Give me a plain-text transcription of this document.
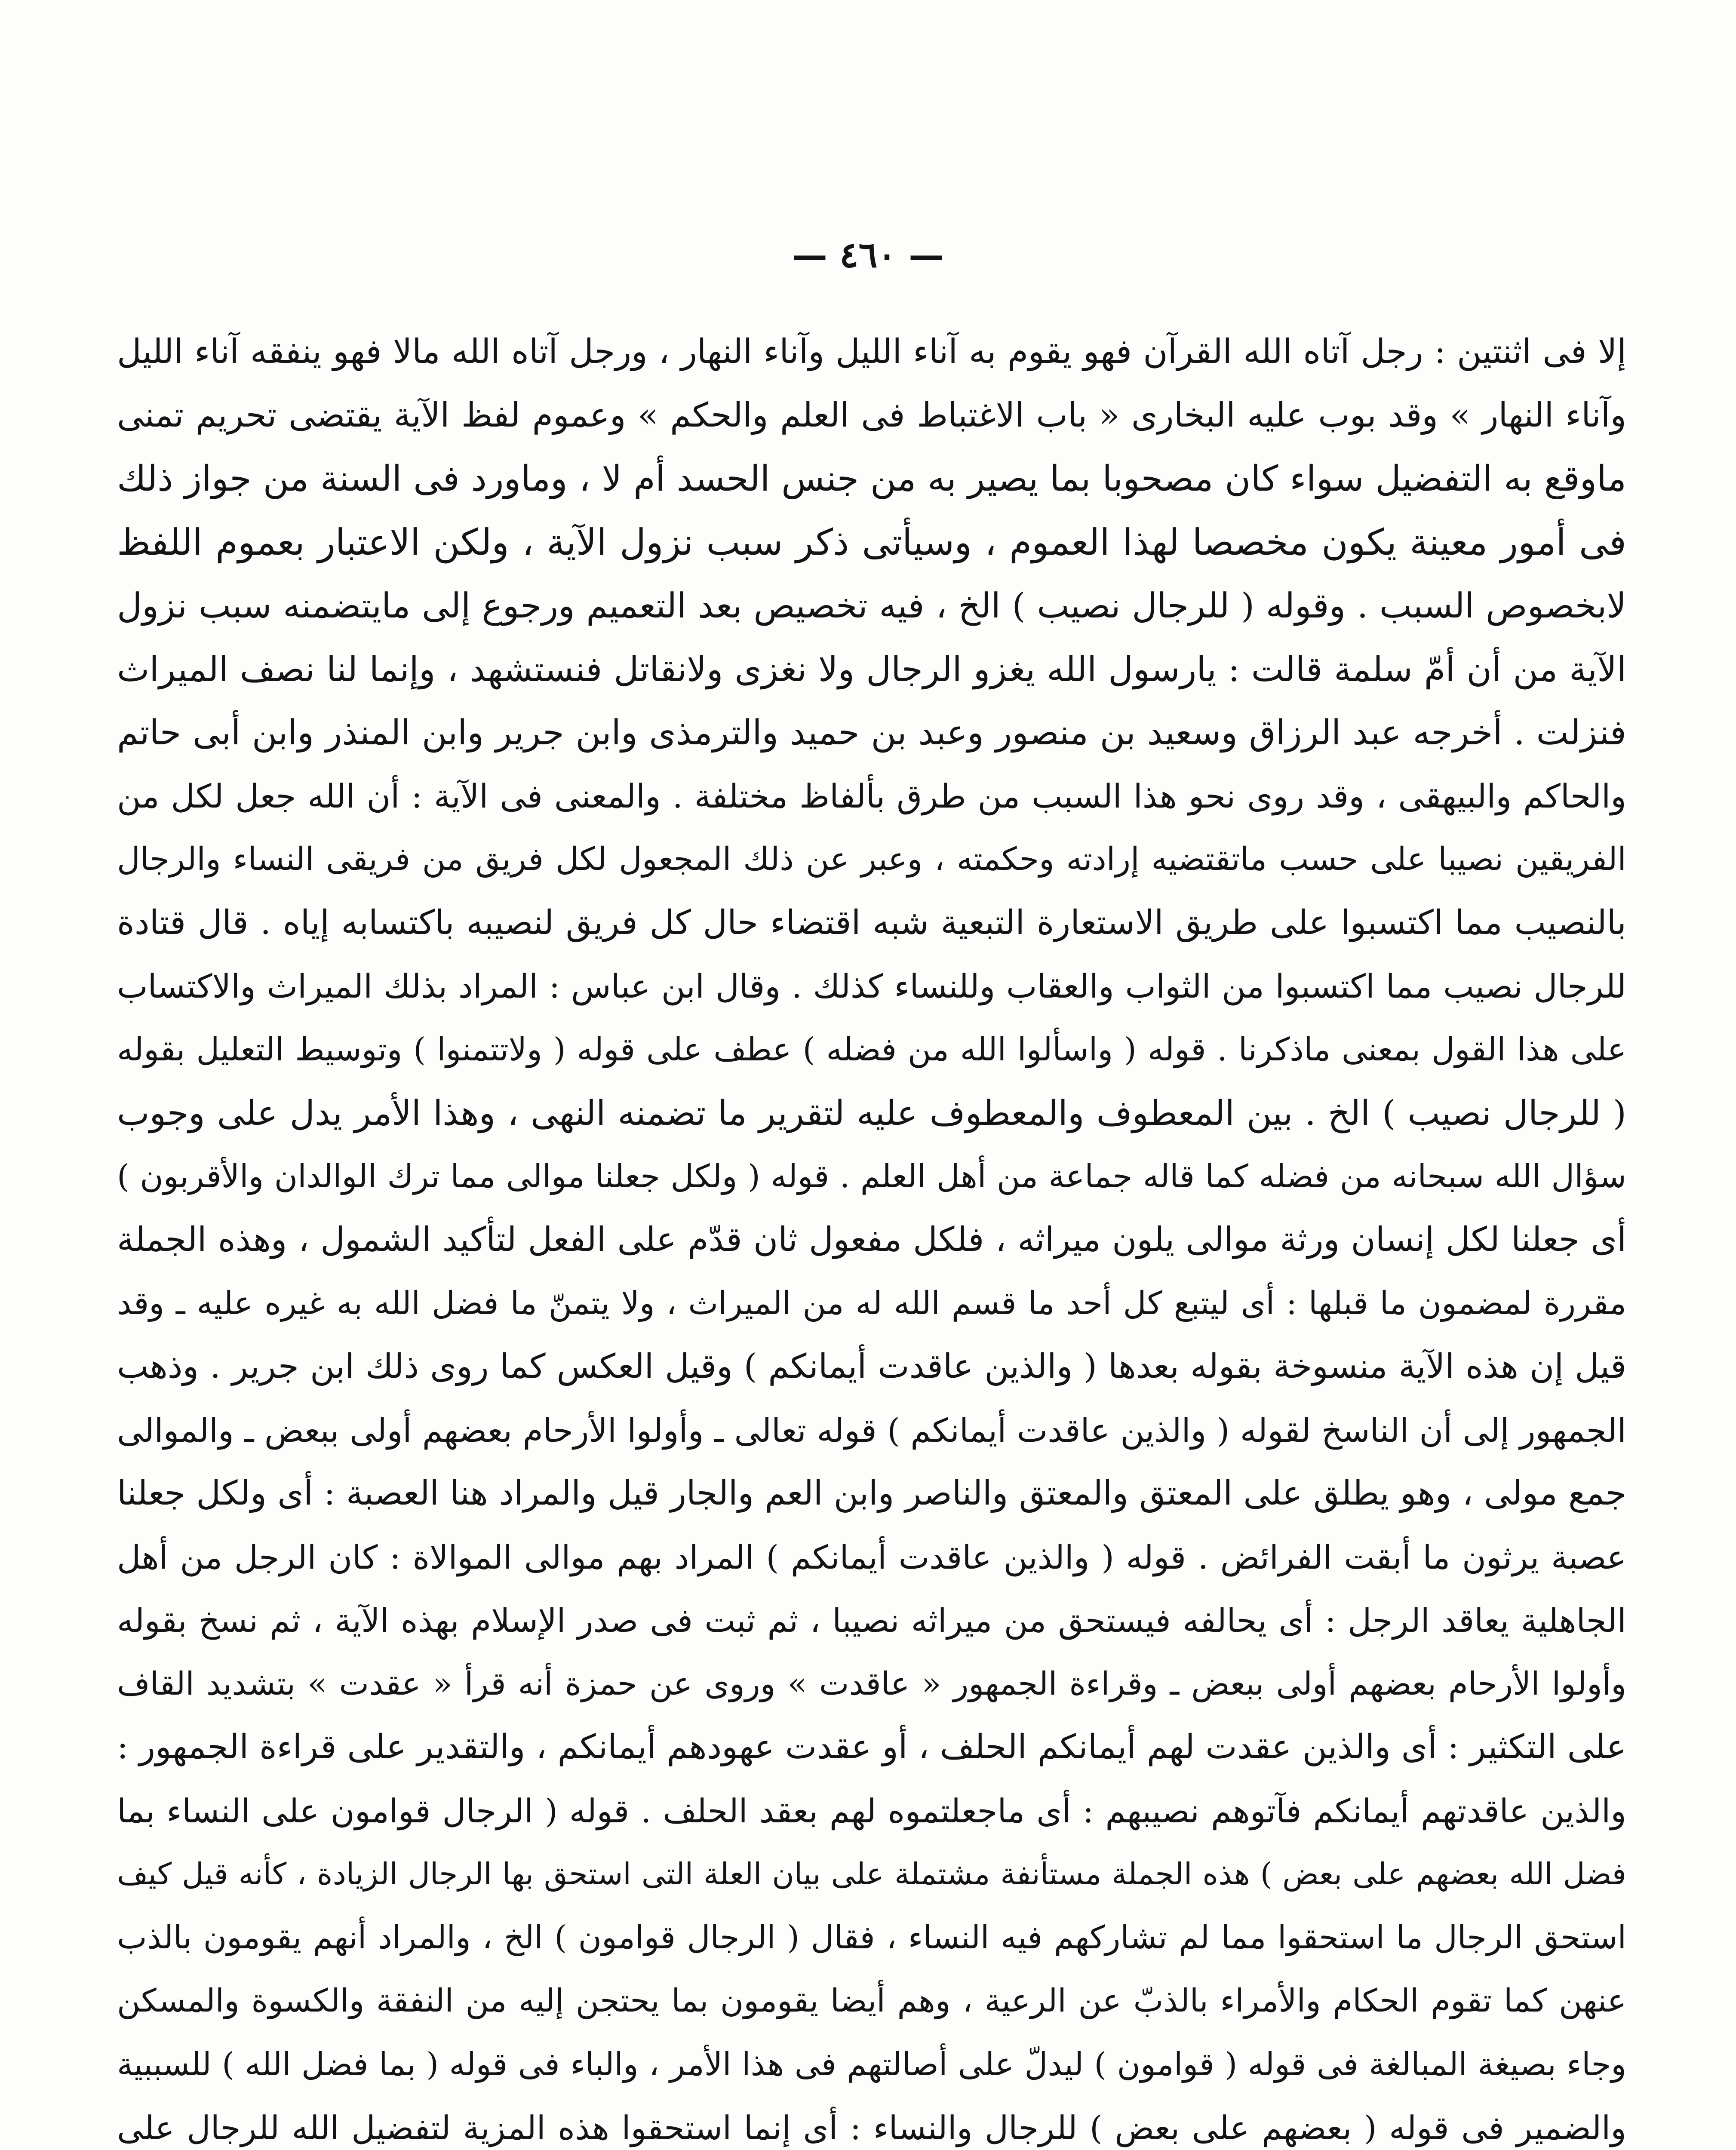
— ٤٦٠ —
إلا فى اثنتين : رجل آتاه الله القرآن فهو يقوم به آناء الليل وآناء النهار ، ورجل آتاه الله مالا فهو ينفقه آناء الليل
وآناء النهار » وقد بوب عليه البخارى « باب الاغتباط فى العلم والحكم » وعموم لفظ الآية يقتضى تحريم تمنى
ماوقع به التفضيل سواء كان مصحوبا بما يصير به من جنس الحسد أم لا ، وماورد فى السنة من جواز ذلك
فى أمور معينة يكون مخصصا لهذا العموم ، وسيأتى ذكر سبب نزول الآية ، ولكن الاعتبار بعموم اللفظ
لابخصوص السبب . وقوله ( للرجال نصيب ) الخ ، فيه تخصيص بعد التعميم ورجوع إلى مايتضمنه سبب نزول
الآية من أن أمّ سلمة قالت : يارسول الله يغزو الرجال ولا نغزى ولانقاتل فنستشهد ، وإنما لنا نصف الميراث
فنزلت . أخرجه عبد الرزاق وسعيد بن منصور وعبد بن حميد والترمذى وابن جرير وابن المنذر وابن أبى حاتم
والحاكم والبيهقى ، وقد روى نحو هذا السبب من طرق بألفاظ مختلفة . والمعنى فى الآية : أن الله جعل لكل من
الفريقين نصيبا على حسب ماتقتضيه إرادته وحكمته ، وعبر عن ذلك المجعول لكل فريق من فريقى النساء والرجال
بالنصيب مما اكتسبوا على طريق الاستعارة التبعية شبه اقتضاء حال كل فريق لنصيبه باكتسابه إياه . قال قتادة
للرجال نصيب مما اكتسبوا من الثواب والعقاب وللنساء كذلك . وقال ابن عباس : المراد بذلك الميراث والاكتساب
على هذا القول بمعنى ماذكرنا . قوله ( واسألوا الله من فضله ) عطف على قوله ( ولاتتمنوا ) وتوسيط التعليل بقوله
( للرجال نصيب ) الخ . بين المعطوف والمعطوف عليه لتقرير ما تضمنه النهى ، وهذا الأمر يدل على وجوب
سؤال الله سبحانه من فضله كما قاله جماعة من أهل العلم . قوله ( ولكل جعلنا موالى مما ترك الوالدان والأقربون )
أى جعلنا لكل إنسان ورثة موالى يلون ميراثه ، فلكل مفعول ثان قدّم على الفعل لتأكيد الشمول ، وهذه الجملة
مقررة لمضمون ما قبلها : أى ليتبع كل أحد ما قسم الله له من الميراث ، ولا يتمنّ ما فضل الله به غيره عليه ـ وقد
قيل إن هذه الآية منسوخة بقوله بعدها ( والذين عاقدت أيمانكم ) وقيل العكس كما روى ذلك ابن جرير . وذهب
الجمهور إلى أن الناسخ لقوله ( والذين عاقدت أيمانكم ) قوله تعالى ـ وأولوا الأرحام بعضهم أولى ببعض ـ والموالى
جمع مولى ، وهو يطلق على المعتق والمعتق والناصر وابن العم والجار قيل والمراد هنا العصبة : أى ولكل جعلنا
عصبة يرثون ما أبقت الفرائض . قوله ( والذين عاقدت أيمانكم ) المراد بهم موالى الموالاة : كان الرجل من أهل
الجاهلية يعاقد الرجل : أى يحالفه فيستحق من ميراثه نصيبا ، ثم ثبت فى صدر الإسلام بهذه الآية ، ثم نسخ بقوله
وأولوا الأرحام بعضهم أولى ببعض ـ وقراءة الجمهور « عاقدت » وروى عن حمزة أنه قرأ « عقدت » بتشديد القاف
على التكثير : أى والذين عقدت لهم أيمانكم الحلف ، أو عقدت عهودهم أيمانكم ، والتقدير على قراءة الجمهور :
والذين عاقدتهم أيمانكم فآتوهم نصيبهم : أى ماجعلتموه لهم بعقد الحلف . قوله ( الرجال قوامون على النساء بما
فضل الله بعضهم على بعض ) هذه الجملة مستأنفة مشتملة على بيان العلة التى استحق بها الرجال الزيادة ، كأنه قيل كيف
استحق الرجال ما استحقوا مما لم تشاركهم فيه النساء ، فقال ( الرجال قوامون ) الخ ، والمراد أنهم يقومون بالذب
عنهن كما تقوم الحكام والأمراء بالذبّ عن الرعية ، وهم أيضا يقومون بما يحتجن إليه من النفقة والكسوة والمسكن
وجاء بصيغة المبالغة فى قوله ( قوامون ) ليدلّ على أصالتهم فى هذا الأمر ، والباء فى قوله ( بما فضل الله ) للسببية
والضمير فى قوله ( بعضهم على بعض ) للرجال والنساء : أى إنما استحقوا هذه المزية لتفضيل الله للرجال على
